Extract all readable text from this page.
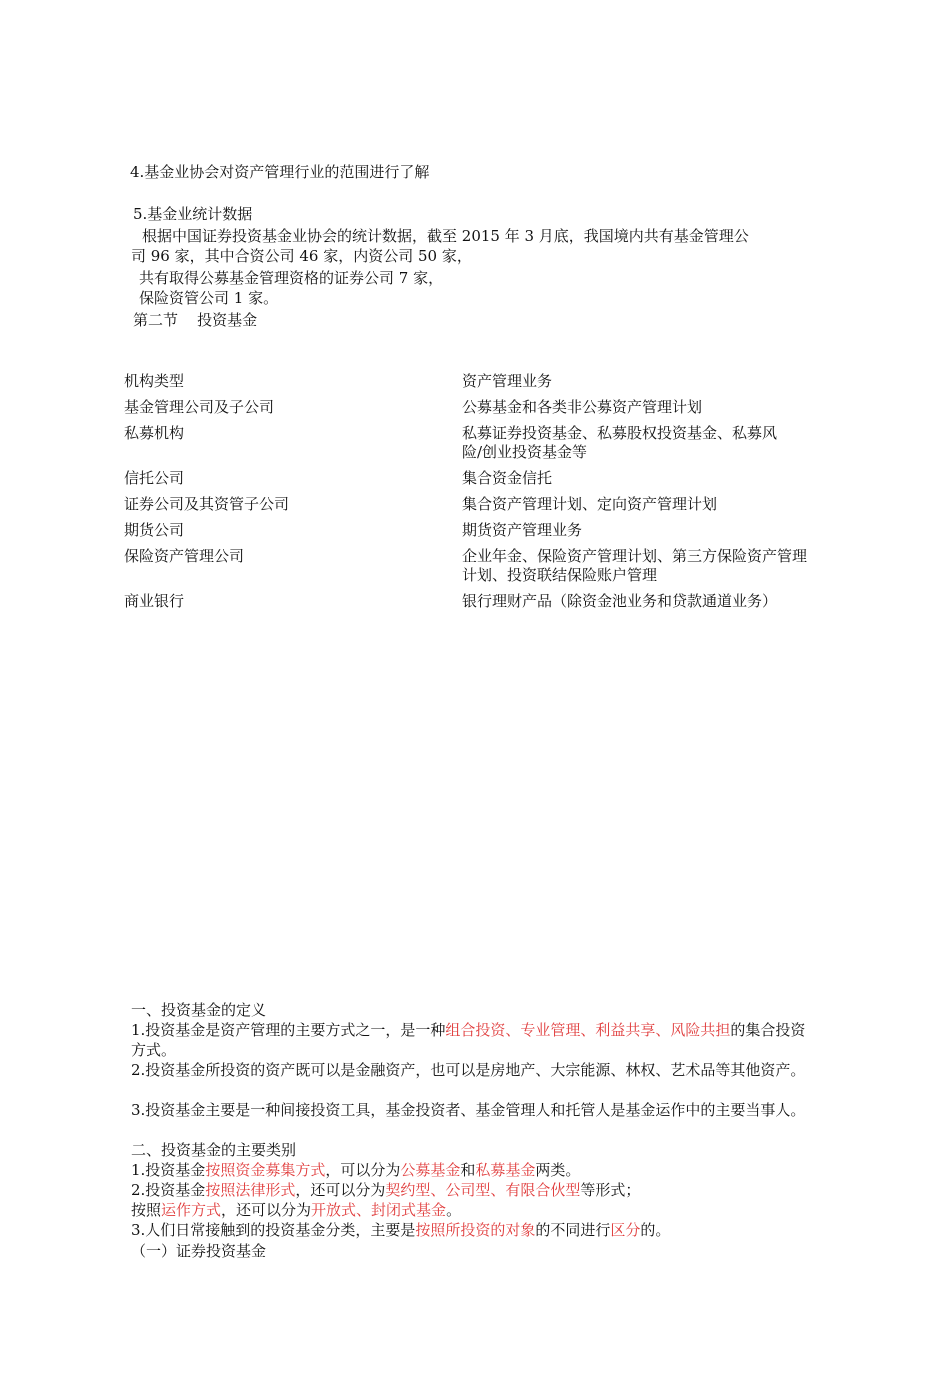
4.基金业协会对资产管理行业的范围进行了解
5.基金业统计数据
根据中国证券投资基金业协会的统计数据，截至 2015 年 3 月底，我国境内共有基金管理公
司 96 家，其中合资公司 46 家，内资公司 50 家，
共有取得公募基金管理资格的证券公司 7 家，
保险资管公司 1 家。
第二节    投资基金
机构类型	资产管理业务
基金管理公司及子公司	公募基金和各类非公募资产管理计划
私募机构	私募证券投资基金、私募股权投资基金、私募风险/创业投资基金等
信托公司	集合资金信托
证券公司及其资管子公司	集合资产管理计划、定向资产管理计划
期货公司	期货资产管理业务
保险资产管理公司	企业年金、保险资产管理计划、第三方保险资产管理计划、投资联结保险账户管理
商业银行	银行理财产品（除资金池业务和贷款通道业务）
一、投资基金的定义
1.投资基金是资产管理的主要方式之一，是一种组合投资、专业管理、利益共享、风险共担的集合投资方式。
2.投资基金所投资的资产既可以是金融资产，也可以是房地产、大宗能源、林权、艺术品等其他资产。
3.投资基金主要是一种间接投资工具，基金投资者、基金管理人和托管人是基金运作中的主要当事人。
二、投资基金的主要类别
1.投资基金按照资金募集方式，可以分为公募基金和私募基金两类。
2.投资基金按照法律形式，还可以分为契约型、公司型、有限合伙型等形式；
按照运作方式，还可以分为开放式、封闭式基金。
3.人们日常接触到的投资基金分类，主要是按照所投资的对象的不同进行区分的。
（一）证券投资基金
